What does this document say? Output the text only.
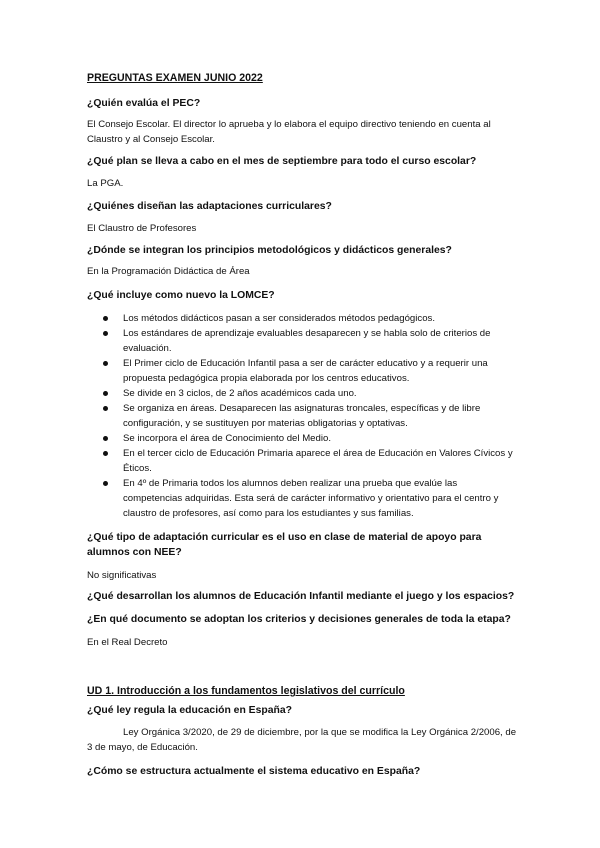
PREGUNTAS EXAMEN JUNIO 2022
¿Quién evalúa el PEC?
El Consejo Escolar. El director lo aprueba y lo elabora el equipo directivo teniendo en cuenta al Claustro y al Consejo Escolar.
¿Qué plan se lleva a cabo en el mes de septiembre para todo el curso escolar?
La PGA.
¿Quiénes diseñan las adaptaciones curriculares?
El Claustro de Profesores
¿Dónde se integran los principios metodológicos y didácticos generales?
En la Programación Didáctica de Área
¿Qué incluye como nuevo la LOMCE?
Los métodos didácticos pasan a ser considerados métodos pedagógicos.
Los estándares de aprendizaje evaluables desaparecen y se habla solo de criterios de evaluación.
El Primer ciclo de Educación Infantil pasa a ser de carácter educativo y a requerir una propuesta pedagógica propia elaborada por los centros educativos.
Se divide en 3 ciclos, de 2 años académicos cada uno.
Se organiza en áreas. Desaparecen las asignaturas troncales, específicas y de libre configuración, y se sustituyen por materias obligatorias y optativas.
Se incorpora el área de Conocimiento del Medio.
En el tercer ciclo de Educación Primaria aparece el área de Educación en Valores Cívicos y Éticos.
En 4º de Primaria todos los alumnos deben realizar una prueba que evalúe las competencias adquiridas. Esta será de carácter informativo y orientativo para el centro y claustro de profesores, así como para los estudiantes y sus familias.
¿Qué tipo de adaptación curricular es el uso en clase de material de apoyo para alumnos con NEE?
No significativas
¿Qué desarrollan los alumnos de Educación Infantil mediante el juego y los espacios?
¿En qué documento se adoptan los criterios y decisiones generales de toda la etapa?
En el Real Decreto
UD 1. Introducción a los fundamentos legislativos del currículo
¿Qué ley regula la educación en España?
Ley Orgánica 3/2020, de 29 de diciembre, por la que se modifica la Ley Orgánica 2/2006, de 3 de mayo, de Educación.
¿Cómo se estructura actualmente el sistema educativo en España?
